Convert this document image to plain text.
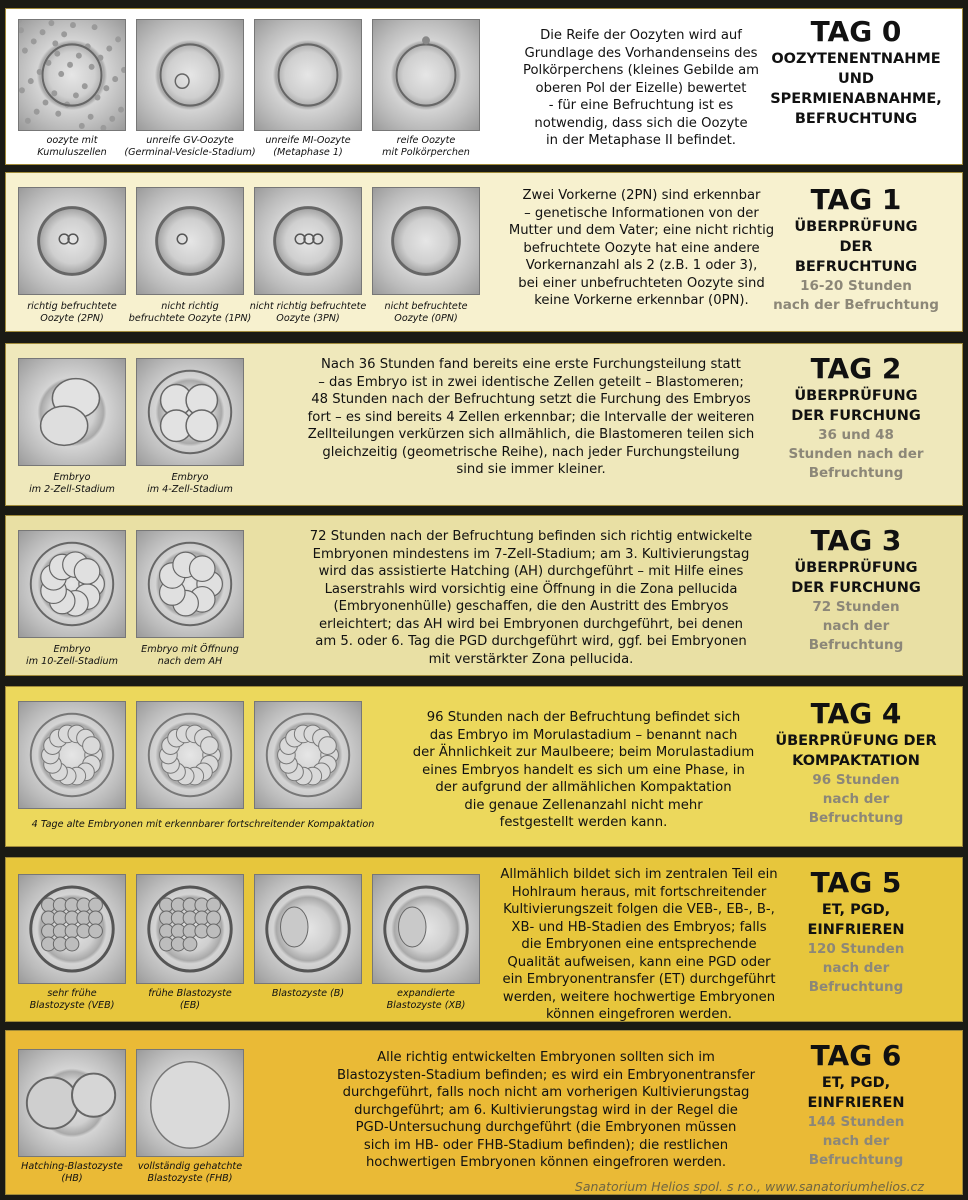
oozyte mit
Kumuluszellen
unreife GV-Oozyte
(Germinal-Vesicle-Stadium)
unreife MI-Oozyte
(Metaphase 1)
reife Oozyte
mit Polkörperchen
Die Reife der Oozyten wird auf
Grundlage des Vorhandenseins des
Polkörperchens (kleines Gebilde am
oberen Pol der Eizelle) bewertet
- für eine Befruchtung ist es
notwendig, dass sich die Oozyte
in der Metaphase II befindet.
TAG 0
OOZYTENENTNAHME
UND
SPERMIENABNAHME,
BEFRUCHTUNG
richtig befruchtete
Oozyte (2PN)
nicht richtig
befruchtete Oozyte (1PN)
nicht richtig befruchtete
Oozyte (3PN)
nicht befruchtete
Oozyte (0PN)
Zwei Vorkerne (2PN) sind erkennbar
– genetische Informationen von der
Mutter und dem Vater; eine nicht richtig
befruchtete Oozyte hat eine andere
Vorkernanzahl als 2 (z.B. 1 oder 3),
bei einer unbefruchteten Oozyte sind
keine Vorkerne erkennbar (0PN).
TAG 1
ÜBERPRÜFUNG
DER
BEFRUCHTUNG
16-20 Stunden
nach der Befruchtung
Embryo
im 2-Zell-Stadium
Embryo
im 4-Zell-Stadium
Nach 36 Stunden fand bereits eine erste Furchungsteilung statt
– das Embryo ist in zwei identische Zellen geteilt – Blastomeren;
48 Stunden nach der Befruchtung setzt die Furchung des Embryos
fort – es sind bereits 4 Zellen erkennbar; die Intervalle der weiteren
Zellteilungen verkürzen sich allmählich, die Blastomeren teilen sich
gleichzeitig (geometrische Reihe), nach jeder Furchungsteilung
sind sie immer kleiner.
TAG 2
ÜBERPRÜFUNG
DER FURCHUNG
36 und 48
Stunden nach der
Befruchtung
Embryo
im 10-Zell-Stadium
Embryo mit Öffnung
nach dem AH
72 Stunden nach der Befruchtung befinden sich richtig entwickelte
Embryonen mindestens im 7-Zell-Stadium; am 3. Kultivierungstag
wird das assistierte Hatching (AH) durchgeführt – mit Hilfe eines
Laserstrahls wird vorsichtig eine Öffnung in die Zona pellucida
(Embryonenhülle) geschaffen, die den Austritt des Embryos
erleichtert; das AH wird bei Embryonen durchgeführt, bei denen
am 5. oder 6. Tag die PGD durchgeführt wird, ggf. bei Embryonen
mit verstärkter Zona pellucida.
TAG 3
ÜBERPRÜFUNG
DER FURCHUNG
72 Stunden
nach der
Befruchtung
4 Tage alte Embryonen mit erkennbarer fortschreitender Kompaktation
96 Stunden nach der Befruchtung befindet sich
das Embryo im Morulastadium – benannt nach
der Ähnlichkeit zur Maulbeere; beim Morulastadium
eines Embryos handelt es sich um eine Phase, in
der aufgrund der allmählichen Kompaktation
die genaue Zellenanzahl nicht mehr
festgestellt werden kann.
TAG 4
ÜBERPRÜFUNG DER
KOMPAKTATION
96 Stunden
nach der
Befruchtung
sehr frühe
Blastozyste (VEB)
frühe Blastozyste
(EB)
Blastozyste (B)	expandierte
Blastozyste (XB)
Allmählich bildet sich im zentralen Teil ein
Hohlraum heraus, mit fortschreitender
Kultivierungszeit folgen die VEB-, EB-, B-,
XB- und HB-Stadien des Embryos; falls
die Embryonen eine entsprechende
Qualität aufweisen, kann eine PGD oder
ein Embryonentransfer (ET) durchgeführt
werden, weitere hochwertige Embryonen
können eingefroren werden.
TAG 5
ET, PGD,
EINFRIEREN
120 Stunden
nach der
Befruchtung
Hatching-Blastozyste
(HB)
vollständig gehatchte
Blastozyste (FHB)
Alle richtig entwickelten Embryonen sollten sich im
Blastozysten-Stadium befinden; es wird ein Embryonentransfer
durchgeführt, falls noch nicht am vorherigen Kultivierungstag
durchgeführt; am 6. Kultivierungstag wird in der Regel die
PGD-Untersuchung durchgeführt (die Embryonen müssen
sich im HB- oder FHB-Stadium befinden); die restlichen
hochwertigen Embryonen können eingefroren werden.
TAG 6
ET, PGD,
EINFRIEREN
144 Stunden
nach der
Befruchtung
Sanatorium Helios spol. s r.o., www.sanatoriumhelios.cz
